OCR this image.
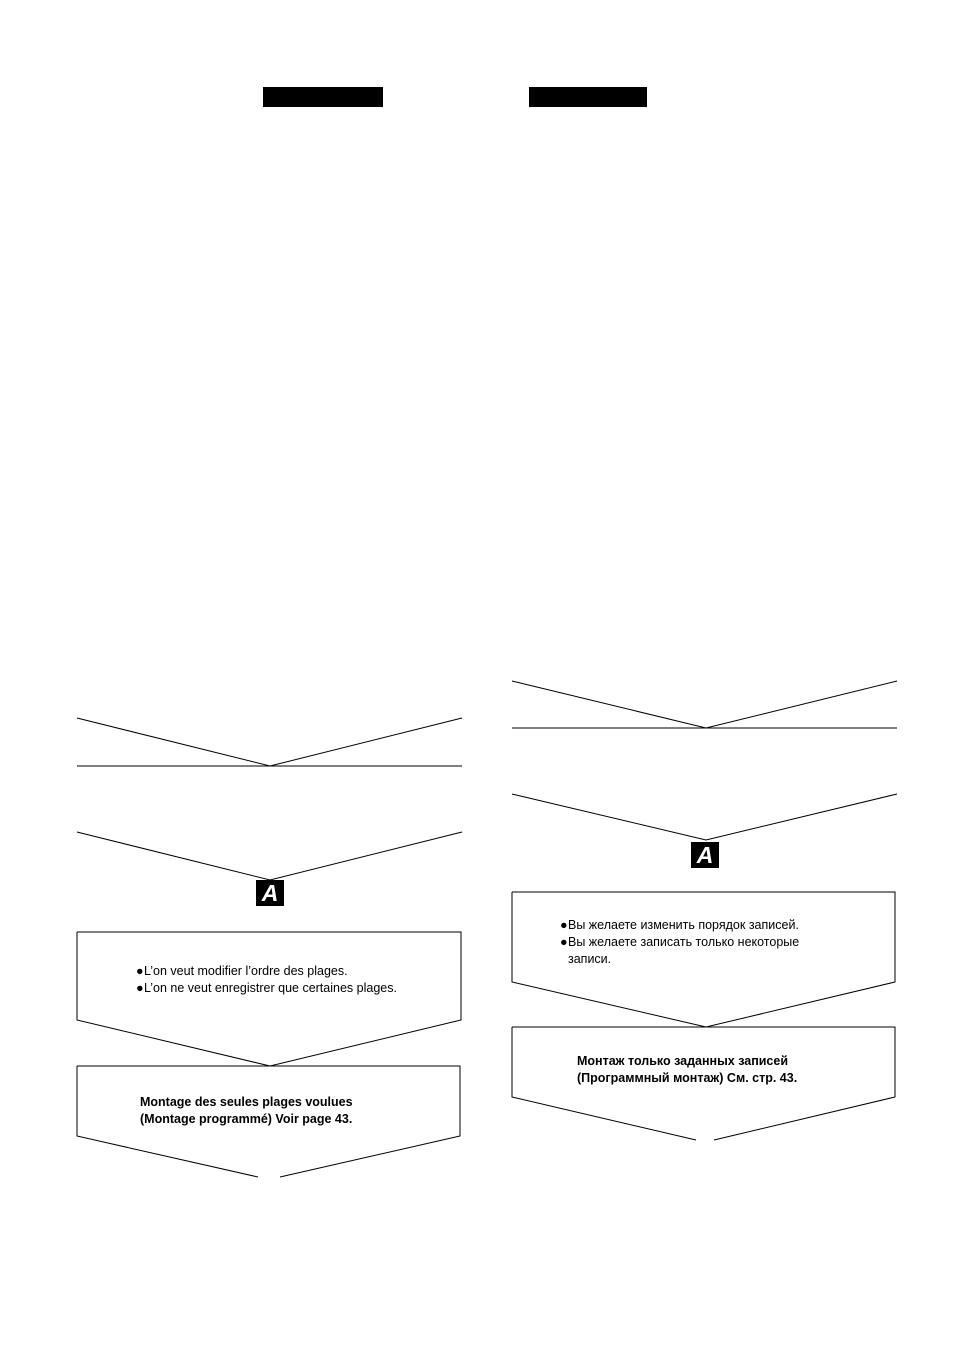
A
A
●L’on veut modifier l’ordre des plages.
●L’on ne veut enregistrer que certaines plages.
Montage des seules plages voulues
(Montage programmé) Voir page 43.
●Вы желаете изменить порядок записей.
●Вы желаете записать только некоторые
записи.
Монтаж только заданных записей
(Программный монтаж) См. стр. 43.
